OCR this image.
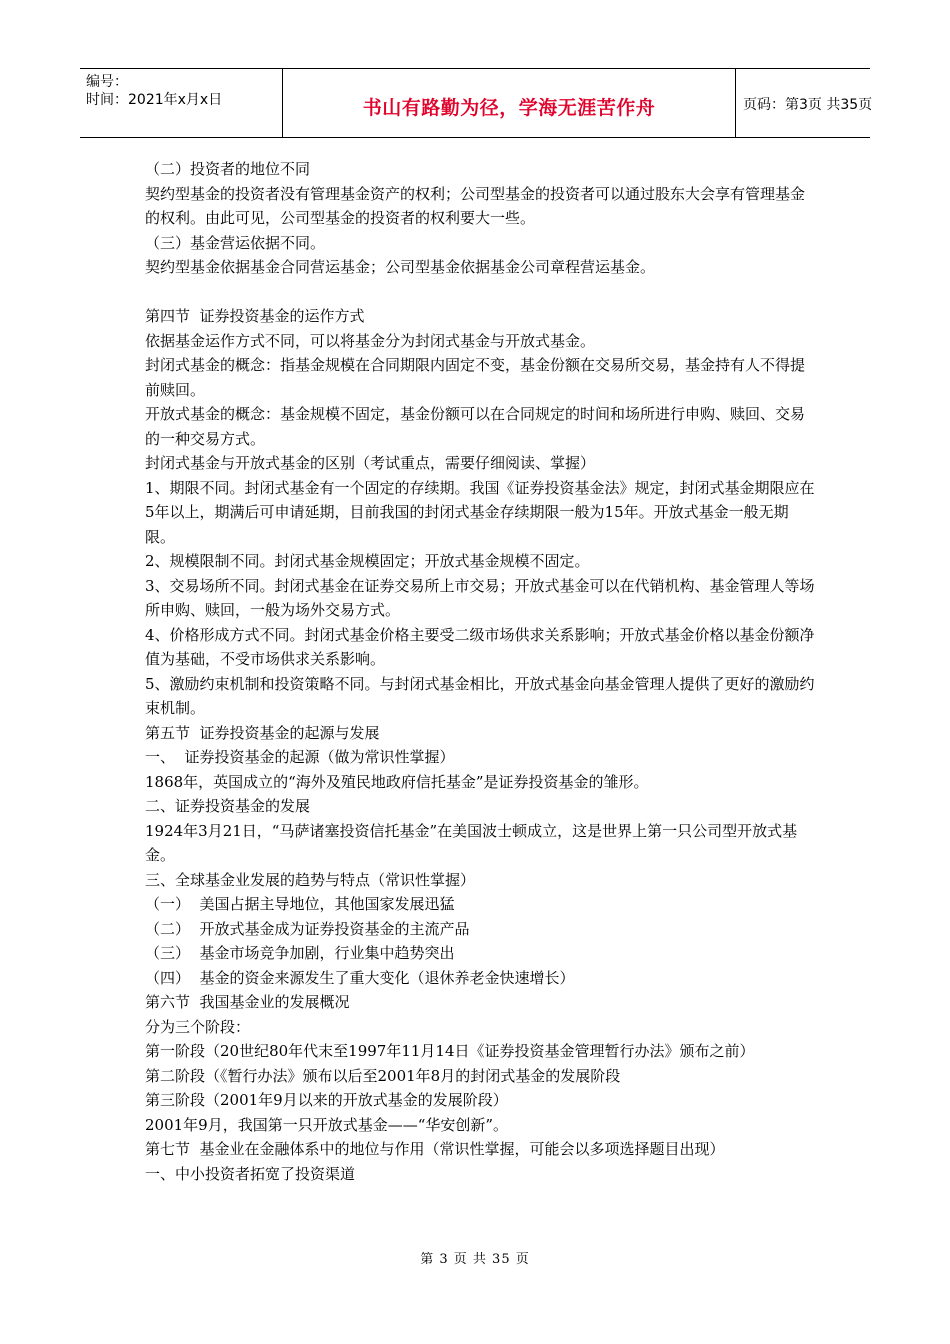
编号：
时间：2021年x月x日	书山有路勤为径，学海无涯苦作舟	页码：第3页 共35页

（二）投资者的地位不同

契约型基金的投资者没有管理基金资产的权利；公司型基金的投资者可以通过股东大会享有管理基金的权利。由此可见，公司型基金的投资者的权利要大一些。

（三）基金营运依据不同。

契约型基金依据基金合同营运基金；公司型基金依据基金公司章程营运基金。

第四节  证券投资基金的运作方式

依据基金运作方式不同，可以将基金分为封闭式基金与开放式基金。

封闭式基金的概念：指基金规模在合同期限内固定不变，基金份额在交易所交易，基金持有人不得提前赎回。

开放式基金的概念：基金规模不固定，基金份额可以在合同规定的时间和场所进行申购、赎回、交易的一种交易方式。

封闭式基金与开放式基金的区别（考试重点，需要仔细阅读、掌握）

1、期限不同。封闭式基金有一个固定的存续期。我国《证券投资基金法》规定，封闭式基金期限应在5年以上，期满后可申请延期，目前我国的封闭式基金存续期限一般为15年。开放式基金一般无期限。

2、规模限制不同。封闭式基金规模固定；开放式基金规模不固定。

3、交易场所不同。封闭式基金在证券交易所上市交易；开放式基金可以在代销机构、基金管理人等场所申购、赎回，一般为场外交易方式。

4、价格形成方式不同。封闭式基金价格主要受二级市场供求关系影响；开放式基金价格以基金份额净值为基础，不受市场供求关系影响。

5、激励约束机制和投资策略不同。与封闭式基金相比，开放式基金向基金管理人提供了更好的激励约束机制。

第五节  证券投资基金的起源与发展

一、  证券投资基金的起源（做为常识性掌握）

1868年，英国成立的“海外及殖民地政府信托基金”是证券投资基金的雏形。

二、证券投资基金的发展

1924年3月21日，“马萨诸塞投资信托基金”在美国波士顿成立，这是世界上第一只公司型开放式基金。

三、全球基金业发展的趋势与特点（常识性掌握）

（一）  美国占据主导地位，其他国家发展迅猛

（二）  开放式基金成为证券投资基金的主流产品

（三）  基金市场竞争加剧，行业集中趋势突出

（四）  基金的资金来源发生了重大变化（退休养老金快速增长）

第六节  我国基金业的发展概况

分为三个阶段：

第一阶段（20世纪80年代末至1997年11月14日《证券投资基金管理暂行办法》颁布之前）

第二阶段（《暂行办法》颁布以后至2001年8月的封闭式基金的发展阶段

第三阶段（2001年9月以来的开放式基金的发展阶段）

2001年9月，我国第一只开放式基金——“华安创新”。

第七节  基金业在金融体系中的地位与作用（常识性掌握，可能会以多项选择题目出现）

一、中小投资者拓宽了投资渠道

第 3 页 共 35 页
